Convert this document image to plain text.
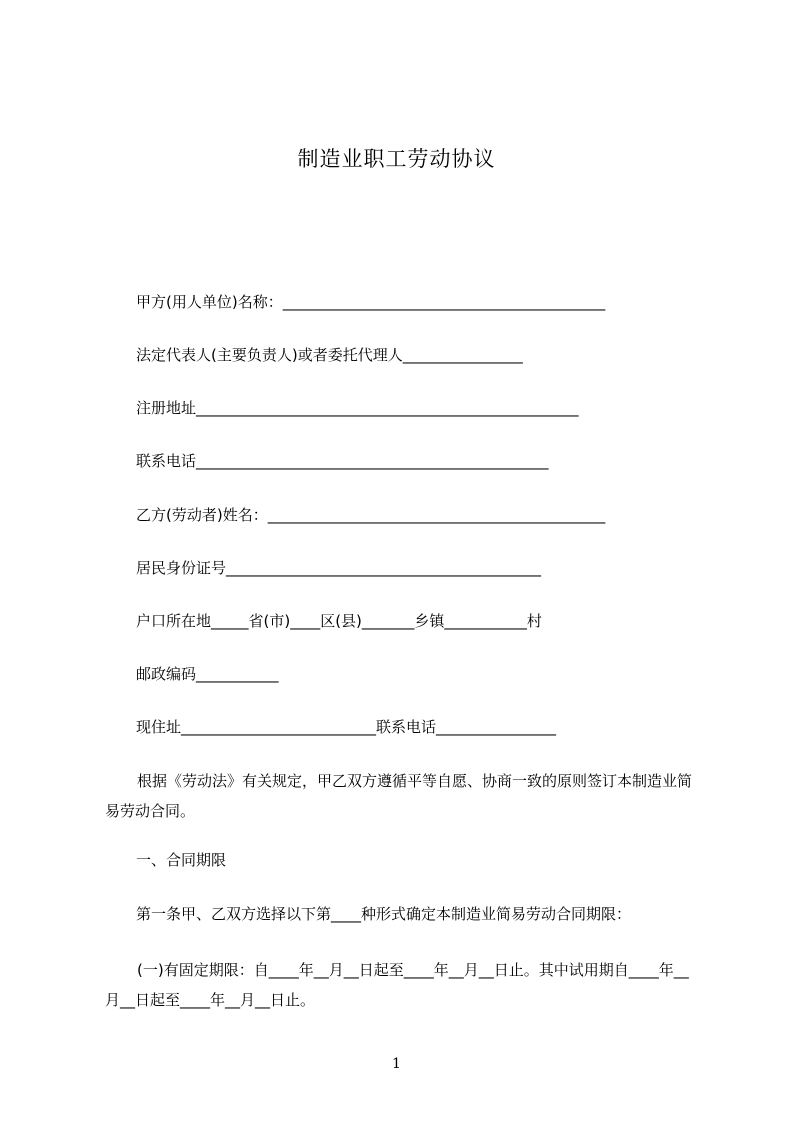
制造业职工劳动协议
甲方(用人单位)名称：___________________________________________
法定代表人(主要负责人)或者委托代理人________________
注册地址___________________________________________________
联系电话_______________________________________________
乙方(劳动者)姓名：_____________________________________________
居民身份证号__________________________________________
户口所在地_____省(市)____区(县)_______乡镇___________村
邮政编码___________
现住址__________________________联系电话________________
根据《劳动法》有关规定，甲乙双方遵循平等自愿、协商一致的原则签订本制造业简易劳动合同。
一、合同期限
第一条甲、乙双方选择以下第____种形式确定本制造业简易劳动合同期限：
(一)有固定期限：自____年__月__日起至____年__月__日止。其中试用期自____年__月__日起至____年__月__日止。
1
